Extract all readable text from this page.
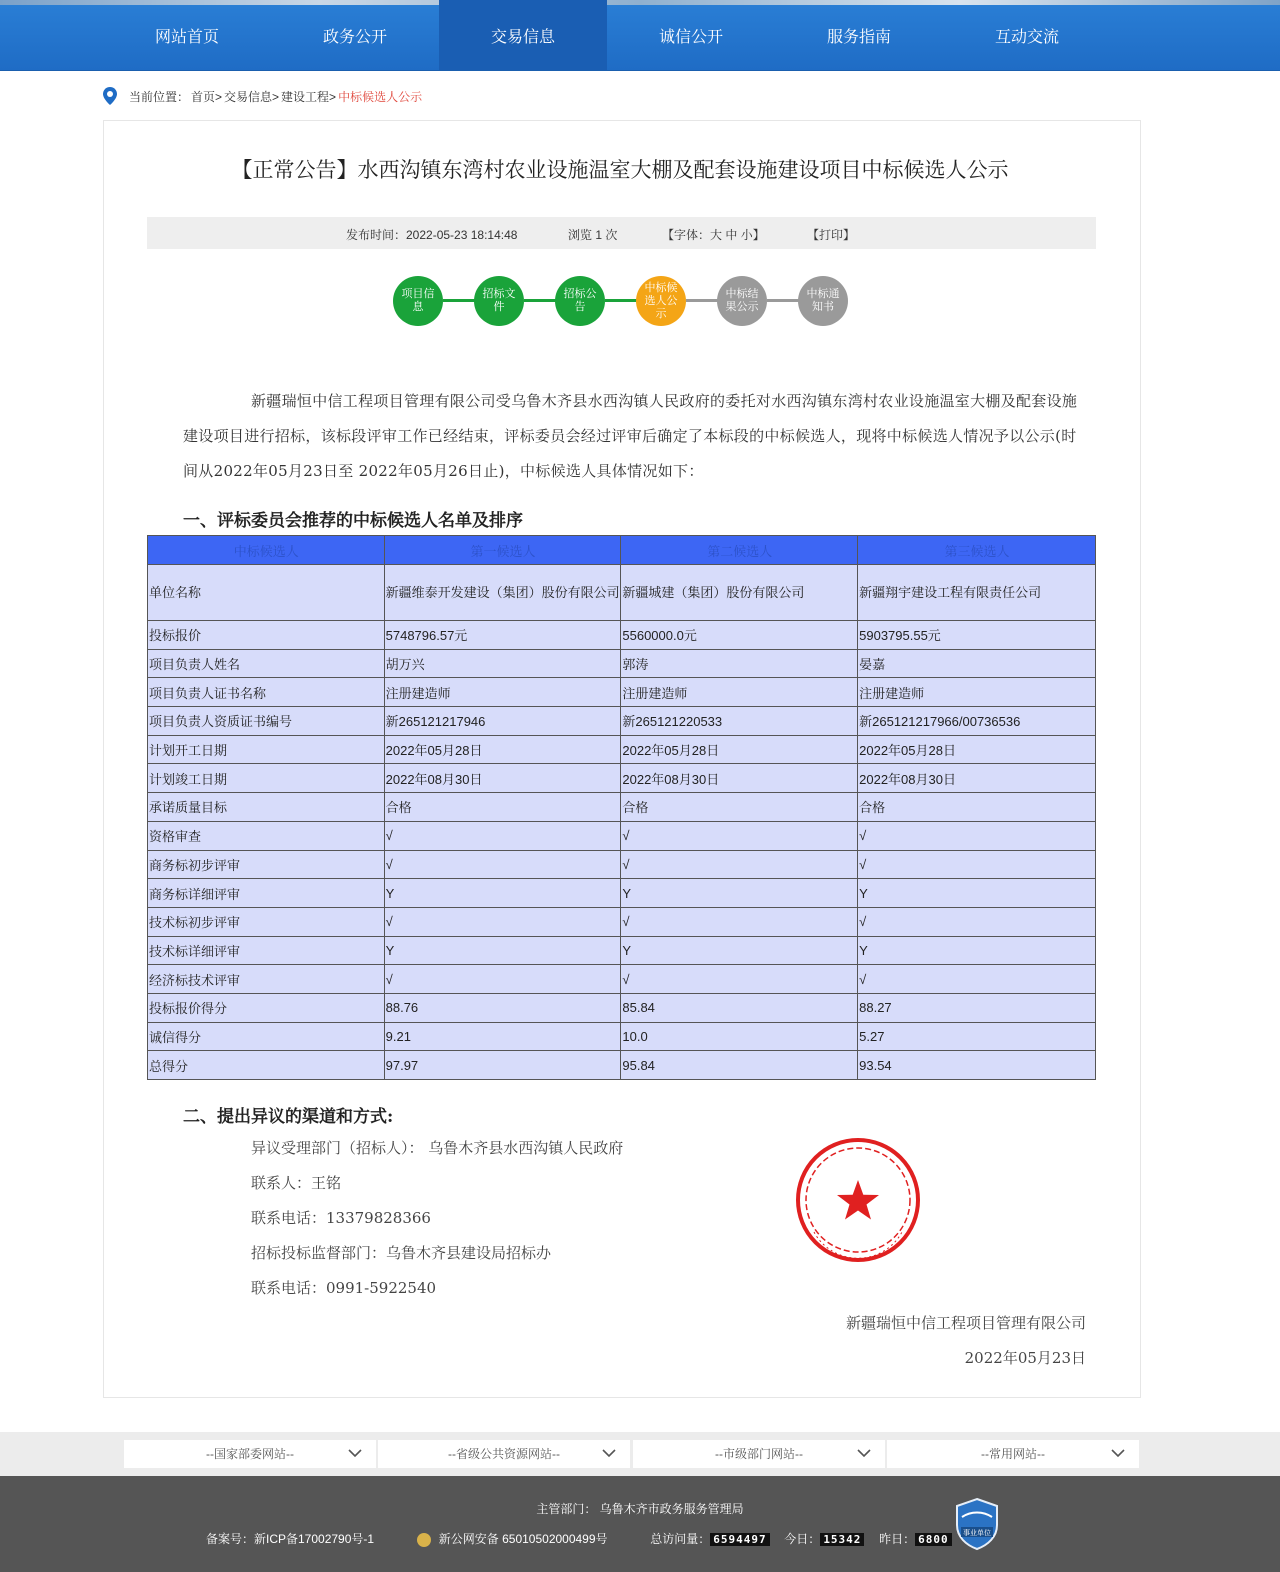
网站首页	政务公开	交易信息	诚信公开	服务指南	互动交流
当前位置： 首页> 交易信息> 建设工程> 中标候选人公示
【正常公告】水西沟镇东湾村农业设施温室大棚及配套设施建设项目中标候选人公示
发布时间：2022-05-23 18:14:48	浏览 1 次	【字体：大 中 小】	【打印】
项目信息
招标文件
招标公告
中标候选人公示
中标结果公示
中标通知书
新疆瑞恒中信工程项目管理有限公司受乌鲁木齐县水西沟镇人民政府的委托对水西沟镇东湾村农业设施温室大棚及配套设施建设项目进行招标，该标段评审工作已经结束，评标委员会经过评审后确定了本标段的中标候选人，现将中标候选人情况予以公示(时间从2022年05月23日至 2022年05月26日止)，中标候选人具体情况如下：
一、评标委员会推荐的中标候选人名单及排序
中标候选人	第一候选人	第二候选人	第三候选人
单位名称	新疆维泰开发建设（集团）股份有限公司	新疆城建（集团）股份有限公司	新疆翔宇建设工程有限责任公司
投标报价	5748796.57元	5560000.0元	5903795.55元
项目负责人姓名	胡万兴	郭涛	晏嘉
项目负责人证书名称	注册建造师	注册建造师	注册建造师
项目负责人资质证书编号	新265121217946	新265121220533	新265121217966/00736536
计划开工日期	2022年05月28日	2022年05月28日	2022年05月28日
计划竣工日期	2022年08月30日	2022年08月30日	2022年08月30日
承诺质量目标	合格	合格	合格
资格审查	√	√	√
商务标初步评审	√	√	√
商务标详细评审	Y	Y	Y
技术标初步评审	√	√	√
技术标详细评审	Y	Y	Y
经济标技术评审	√	√	√
投标报价得分	88.76	85.84	88.27
诚信得分	9.21	10.0	5.27
总得分	97.97	95.84	93.54
二、提出异议的渠道和方式:
异议受理部门（招标人）： 乌鲁木齐县水西沟镇人民政府
联系人：王铭
联系电话：13379828366
招标投标监督部门：乌鲁木齐县建设局招标办
联系电话：0991-5922540
新疆瑞恒中信工程项目管理有限公司
2022年05月23日
--国家部委网站--	--省级公共资源网站--	--市级部门网站--	--常用网站--
主管部门： 乌鲁木齐市政务服务管理局
备案号：新ICP备17002790号-1	新公网安备 65010502000499号	总访问量： 6594497 今日： 15342 昨日： 6800	事业单位
